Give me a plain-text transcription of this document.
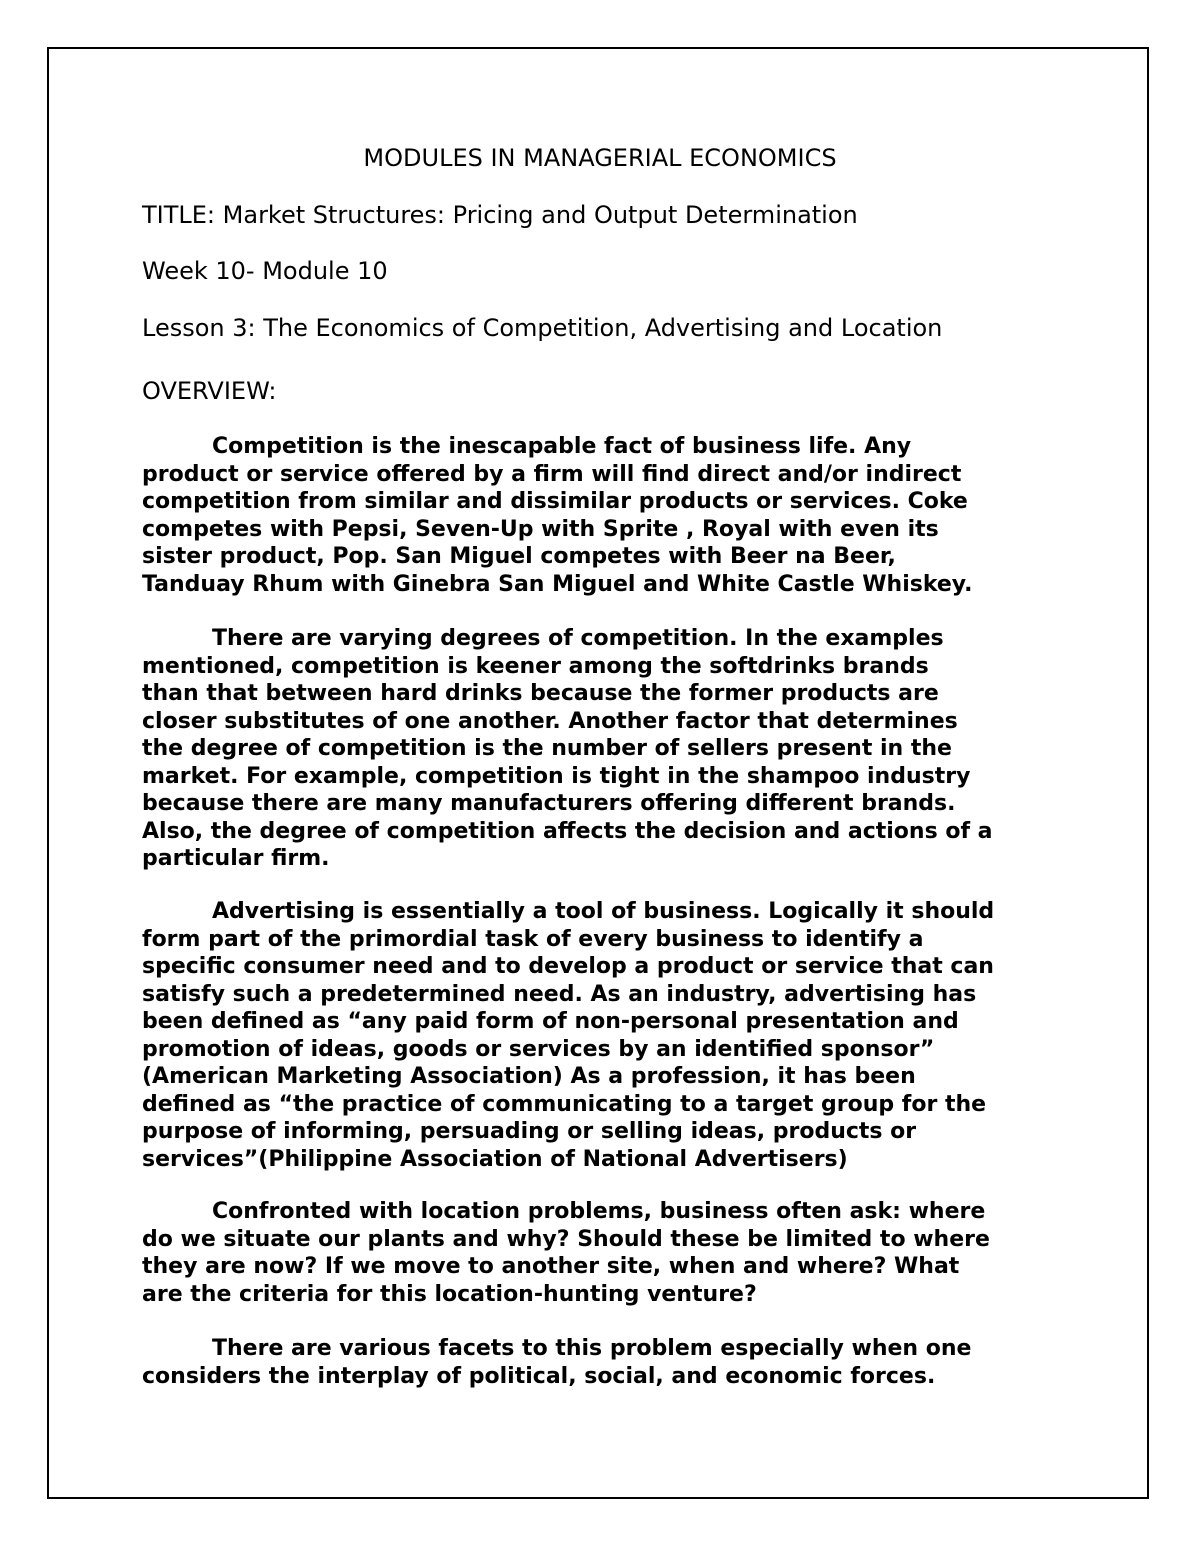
MODULES IN MANAGERIAL ECONOMICS

TITLE: Market Structures: Pricing and Output Determination

Week 10- Module 10

Lesson 3: The Economics of Competition, Advertising and Location

OVERVIEW:

Competition is the inescapable fact of business life. Any
product or service offered by a firm will find direct and/or indirect
competition from similar and dissimilar products or services. Coke
competes with Pepsi, Seven-Up with Sprite , Royal with even its
sister product, Pop. San Miguel competes with Beer na Beer,
Tanduay Rhum with Ginebra San Miguel and White Castle Whiskey.

There are varying degrees of competition. In the examples
mentioned, competition is keener among the softdrinks brands
than that between hard drinks because the former products are
closer substitutes of one another. Another factor that determines
the degree of competition is the number of sellers present in the
market. For example, competition is tight in the shampoo industry
because there are many manufacturers offering different brands.
Also, the degree of competition affects the decision and actions of a
particular firm.

Advertising is essentially a tool of business. Logically it should
form part of the primordial task of every business to identify a
specific consumer need and to develop a product or service that can
satisfy such a predetermined need. As an industry, advertising has
been defined as “any paid form of non-personal presentation and
promotion of ideas, goods or services by an identified sponsor”
(American Marketing Association) As a profession, it has been
defined as “the practice of communicating to a target group for the
purpose of informing, persuading or selling ideas, products or
services”(Philippine Association of National Advertisers)

Confronted with location problems, business often ask: where
do we situate our plants and why? Should these be limited to where
they are now? If we move to another site, when and where? What
are the criteria for this location-hunting venture?

There are various facets to this problem especially when one
considers the interplay of political, social, and economic forces.
